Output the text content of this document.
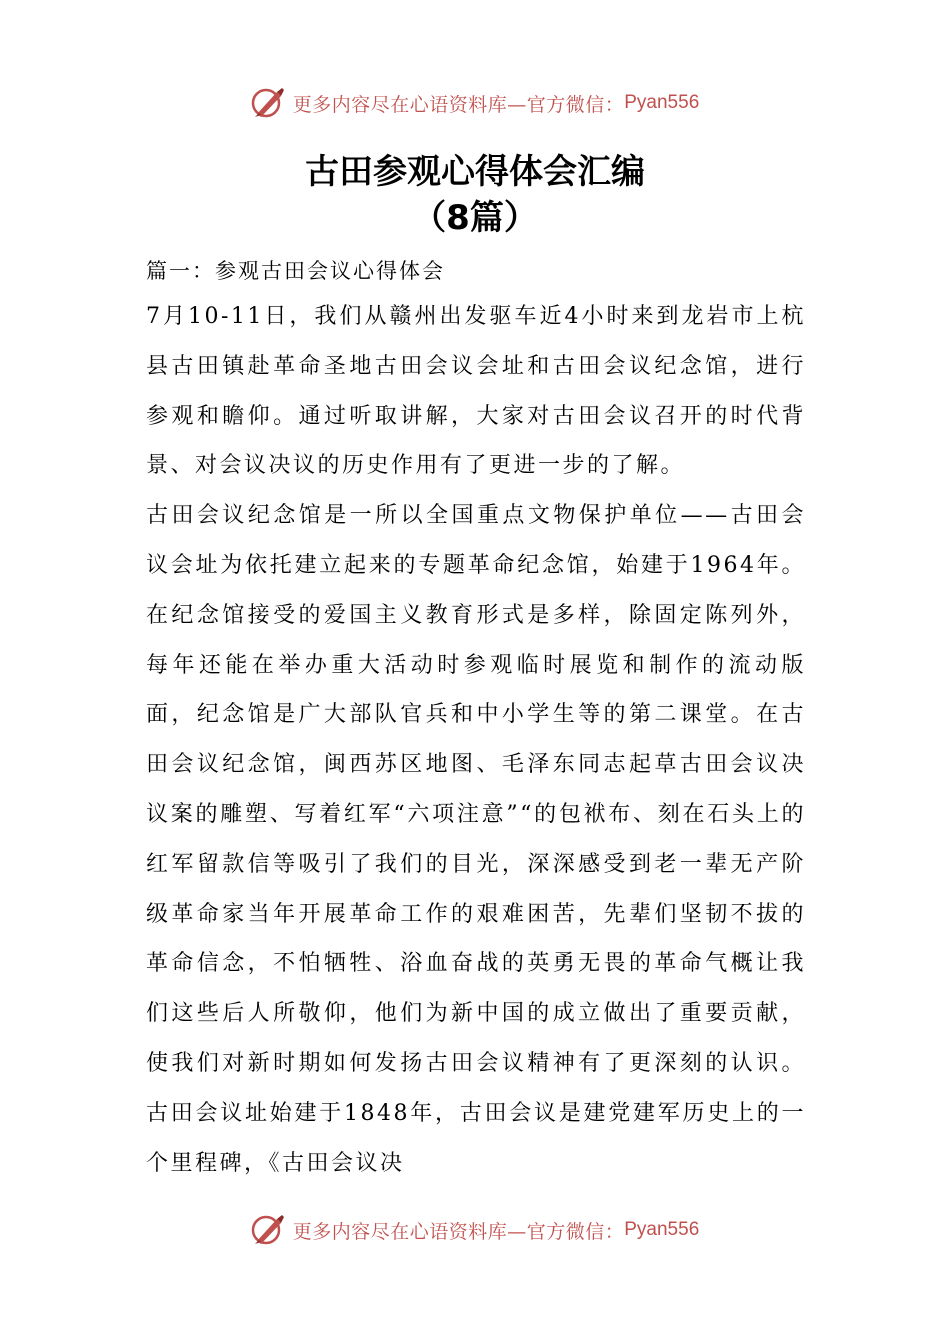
更多内容尽在心语资料库—官方微信： Pyan556
古田参观心得体会汇编
（8篇）

篇一：参观古田会议心得体会

7月10-11日，我们从赣州出发驱车近4小时来到龙岩市上杭县古田镇赴革命圣地古田会议会址和古田会议纪念馆，进行参观和瞻仰。通过听取讲解，大家对古田会议召开的时代背景、对会议决议的历史作用有了更进一步的了解。

古田会议纪念馆是一所以全国重点文物保护单位——古田会议会址为依托建立起来的专题革命纪念馆，始建于1964年。在纪念馆接受的爱国主义教育形式是多样，除固定陈列外，每年还能在举办重大活动时参观临时展览和制作的流动版面，纪念馆是广大部队官兵和中小学生等的第二课堂。在古田会议纪念馆，闽西苏区地图、毛泽东同志起草古田会议决议案的雕塑、写着红军“六项注意”“的包袱布、刻在石头上的红军留款信等吸引了我们的目光，深深感受到老一辈无产阶级革命家当年开展革命工作的艰难困苦，先辈们坚韧不拔的革命信念，不怕牺牲、浴血奋战的英勇无畏的革命气概让我们这些后人所敬仰，他们为新中国的成立做出了重要贡献，使我们对新时期如何发扬古田会议精神有了更深刻的认识。古田会议址始建于1848年，古田会议是建党建军历史上的一个里程碑，《古田会议决

更多内容尽在心语资料库—官方微信： Pyan556
